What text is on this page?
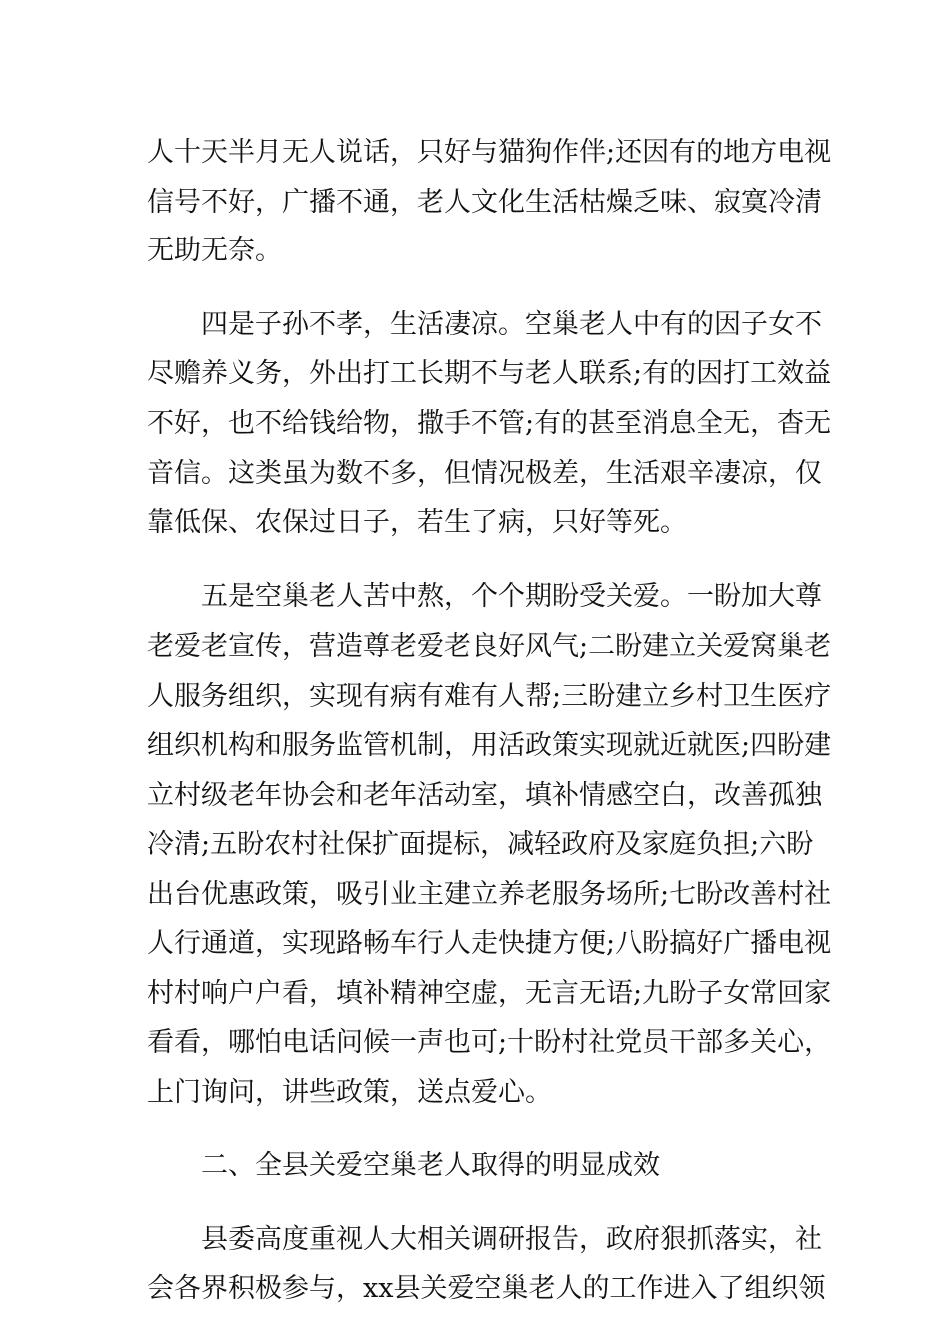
人十天半月无人说话，只好与猫狗作伴;还因有的地方电视
信号不好，广播不通，老人文化生活枯燥乏味、寂寞冷清
无助无奈。
四是子孙不孝，生活凄凉。空巢老人中有的因子女不
尽赡养义务，外出打工长期不与老人联系;有的因打工效益
不好，也不给钱给物，撒手不管;有的甚至消息全无，杳无
音信。这类虽为数不多，但情况极差，生活艰辛凄凉，仅
靠低保、农保过日子，若生了病，只好等死。
五是空巢老人苦中熬，个个期盼受关爱。一盼加大尊
老爱老宣传，营造尊老爱老良好风气;二盼建立关爱窝巢老
人服务组织，实现有病有难有人帮;三盼建立乡村卫生医疗
组织机构和服务监管机制，用活政策实现就近就医;四盼建
立村级老年协会和老年活动室，填补情感空白，改善孤独
冷清;五盼农村社保扩面提标，减轻政府及家庭负担;六盼
出台优惠政策，吸引业主建立养老服务场所;七盼改善村社
人行通道，实现路畅车行人走快捷方便;八盼搞好广播电视
村村响户户看，填补精神空虚，无言无语;九盼子女常回家
看看，哪怕电话问候一声也可;十盼村社党员干部多关心，
上门询问，讲些政策，送点爱心。
二、全县关爱空巢老人取得的明显成效
县委高度重视人大相关调研报告，政府狠抓落实，社
会各界积极参与，xx县关爱空巢老人的工作进入了组织领
